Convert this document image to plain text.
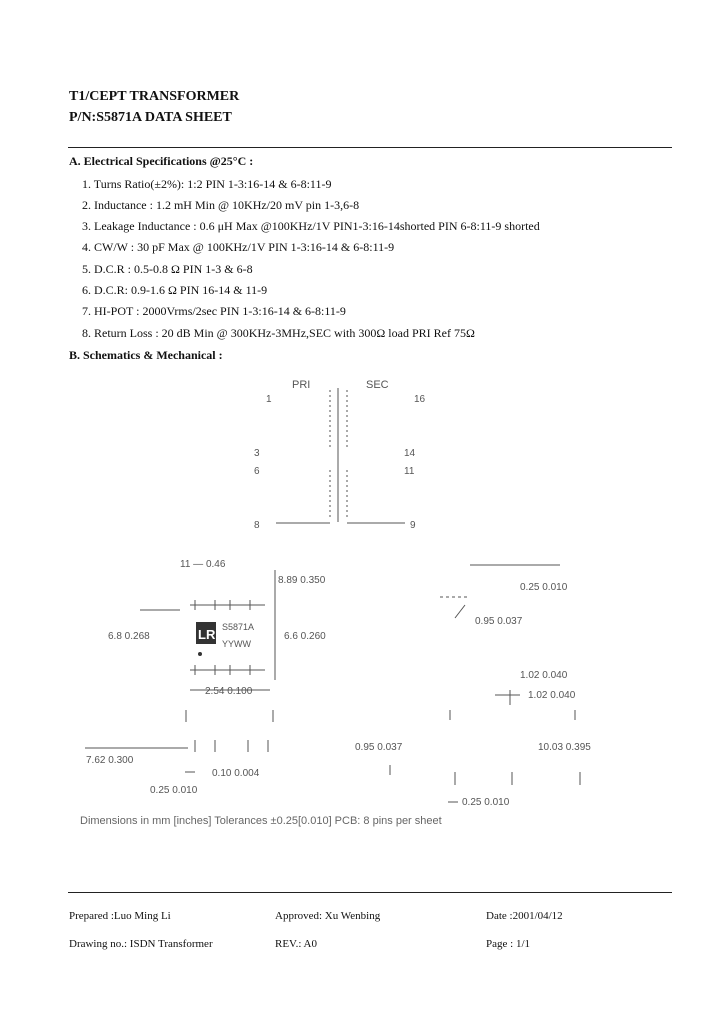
T1/CEPT TRANSFORMER
P/N:S5871A DATA SHEET
A. Electrical Specifications @25°C :
1. Turns Ratio(±2%): 1:2 PIN 1-3:16-14 & 6-8:11-9
2. Inductance : 1.2 mH Min @ 10KHz/20 mV pin 1-3,6-8
3. Leakage Inductance : 0.6 μH Max @100KHz/1V PIN1-3:16-14shorted PIN 6-8:11-9 shorted
4. CW/W : 30 pF Max @ 100KHz/1V PIN 1-3:16-14 & 6-8:11-9
5. D.C.R : 0.5-0.8 Ω PIN 1-3 & 6-8
6. D.C.R: 0.9-1.6 Ω PIN 16-14 & 11-9
7. HI-POT : 2000Vrms/2sec PIN 1-3:16-14 & 6-8:11-9
8. Return Loss : 20 dB Min @ 300KHz-3MHz,SEC with 300Ω load PRI Ref 75Ω
B. Schematics & Mechanical :
PRI	SEC
1	16
3	14
6	11
8	9
LR
11 — 0.46
8.89 0.350
6.6 0.260
6.8 0.268
S5871A
YYWW
2.54 0.100
0.25 0.010
0.95 0.037
1.02 0.040
1.02 0.040
0.95 0.037	10.03 0.395
7.62 0.300
0.10 0.004
0.25 0.010
0.25 0.010
Dimensions in mm [inches] Tolerances ±0.25[0.010] PCB: 8 pins per sheet
Prepared :Luo Ming Li	Approved: Xu Wenbing	Date :2001/04/12
Drawing no.: ISDN Transformer	REV.: A0	Page : 1/1
